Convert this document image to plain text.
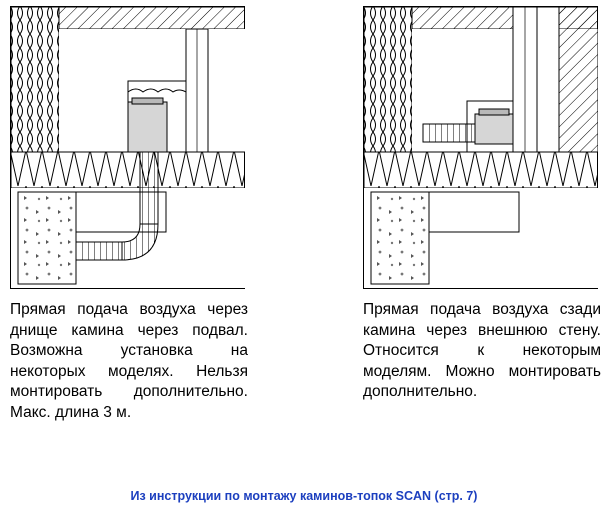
Прямая подача воздуха через днище камина через подвал. Возможна установка на некоторых моделях. Нельзя монтировать дополнительно. Макс. длина 3 м.
Прямая подача воздуха сзади камина через внешнюю стену. Относится к некоторым моделям. Можно монтировать дополнительно.
Из инструкции по монтажу каминов-топок SCAN (стр. 7)
